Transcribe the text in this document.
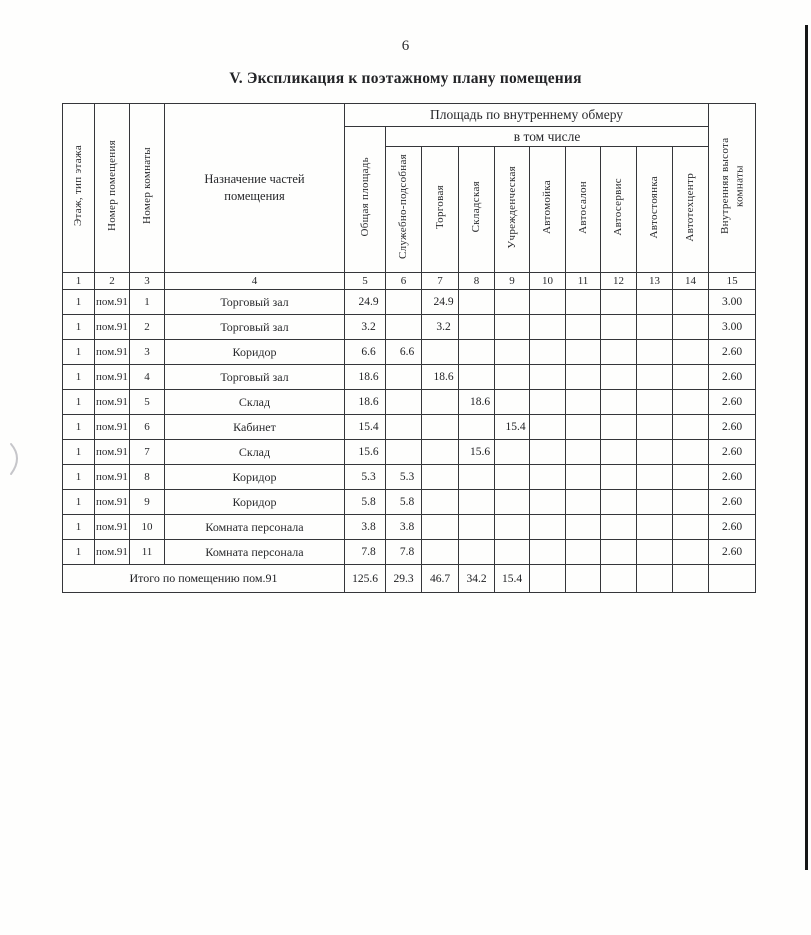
6
V. Экспликация к поэтажному плану помещения
Этаж, тип этажа	Номер помещения	Номер комнаты	Назначение частей помещения	Площадь по внутреннему обмеру										Внутренняя высота комнаты
				Общая площадь	в том числе									
					Служебно-подсобная	Торговая	Складская	Учрежденческая	Автомойка	Автосалон	Автосервис	Автостоянка	Автотехцентр	
1	2	3	4	5	6	7	8	9	10	11	12	13	14	15
1	пом.91	1	Торговый зал	24.9		24.9								3.00
1	пом.91	2	Торговый зал	3.2		3.2								3.00
1	пом.91	3	Коридор	6.6	6.6									2.60
1	пом.91	4	Торговый зал	18.6		18.6								2.60
1	пом.91	5	Склад	18.6			18.6							2.60
1	пом.91	6	Кабинет	15.4				15.4						2.60
1	пом.91	7	Склад	15.6			15.6							2.60
1	пом.91	8	Коридор	5.3	5.3									2.60
1	пом.91	9	Коридор	5.8	5.8									2.60
1	пом.91	10	Комната персонала	3.8	3.8									2.60
1	пом.91	11	Комната персонала	7.8	7.8									2.60
Итого по помещению пом.91				125.6	29.3	46.7	34.2	15.4						
